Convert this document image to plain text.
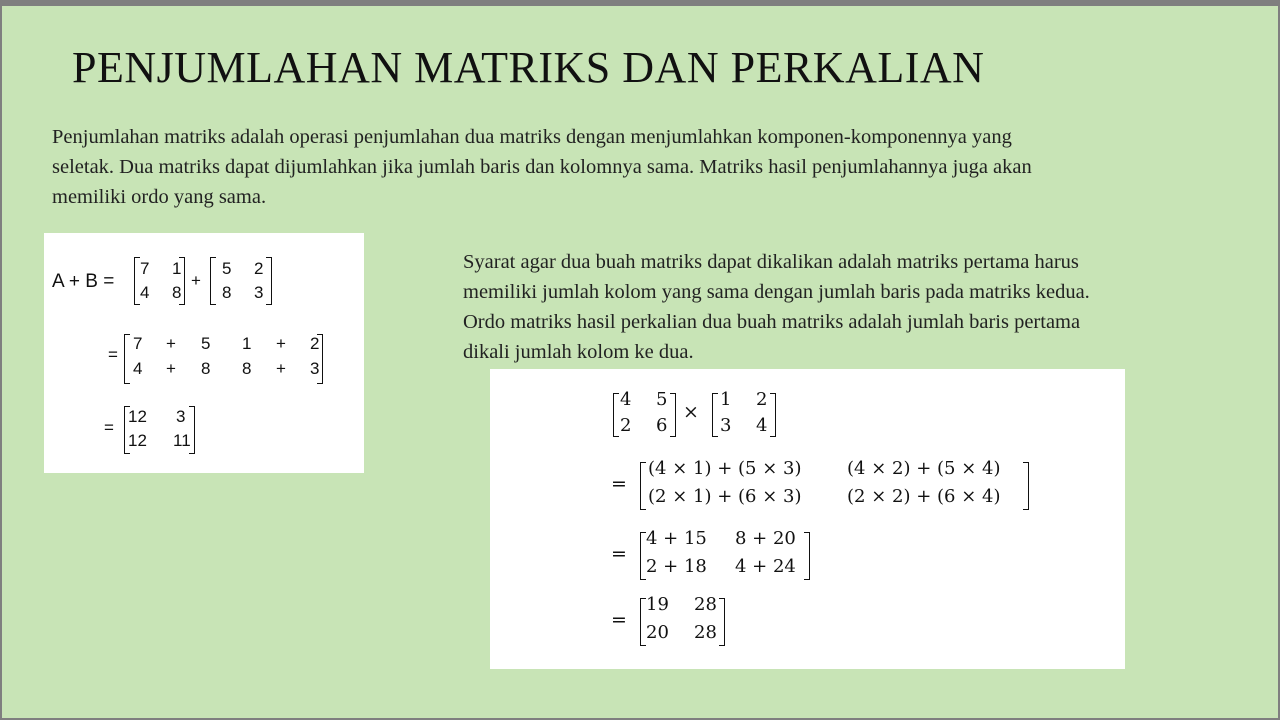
PENJUMLAHAN MATRIKS DAN PERKALIAN
Penjumlahan matriks adalah operasi penjumlahan dua matriks dengan menjumlahkan komponen-komponennya yang
seletak. Dua matriks dapat dijumlahkan jika jumlah baris dan kolomnya sama. Matriks hasil penjumlahannya juga akan
memiliki ordo yang sama.
A + B =
7 1
4 8
+
5 2
8 3
=
7 + 5 1 + 2
4 + 8 8 + 3
=
12 3
12 11
Syarat agar dua buah matriks dapat dikalikan adalah matriks pertama harus
memiliki jumlah kolom yang sama dengan jumlah baris pada matriks kedua.
Ordo matriks hasil perkalian dua buah matriks adalah jumlah baris pertama
dikali jumlah kolom ke dua.
4 5
2 6
×
1 2
3 4
=
(4 × 1) + (5 × 3)	(4 × 2) + (5 × 4)
(2 × 1) + (6 × 3)	(2 × 2) + (6 × 4)
=
4 + 15 8 + 20
2 + 18 4 + 24
=
19 28
20 28
